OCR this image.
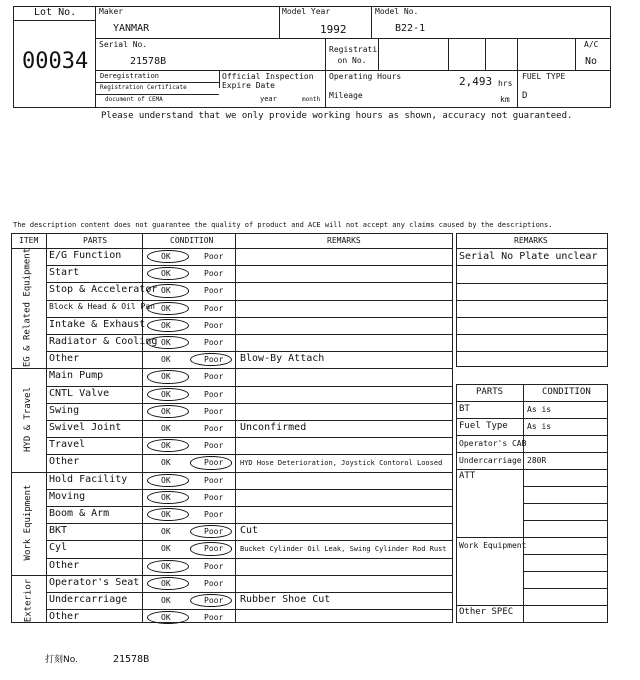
Lot No.
00034
Maker
YANMAR
Model Year
1992
Model No.
B22-1
Serial No.
21578B
Registrati on No.
A/C
No
Deregistration
Registration Certificate
document of CEMA
Official Inspection Expire Date
year	month
Operating Hours	2,493 hrs
Mileage	km
FUEL TYPE
D
Please understand that we only provide working hours as shown, accuracy not guaranteed.
The description content does not guarantee the quality of product and ACE will not accept any claims caused by the descriptions.
ITEM	PARTS	CONDITION	REMARKS
E/G Function	OK	Poor
Start	OK	Poor
Stop & Accelerator OK	Poor
Block & Head & Oil Pan OK	Poor
Intake & Exhaust OK	Poor
Radiator & Cooling OK	Poor
Other	OK	Poor Blow-By Attach
EG & Related Equipment
Main Pump	OK	Poor
CNTL Valve	OK	Poor
Swing	OK	Poor
Swivel Joint	OK	Poor Unconfirmed
Travel	OK	Poor
Other	OK	Poor HYD Hose Deterioration, Joystick Contorol Loosed
HYD & Travel
Hold Facility	OK	Poor
Moving	OK	Poor
Boom & Arm	OK	Poor
BKT	OK	Poor Cut
Cyl	OK	Poor Bucket Cylinder Oil Leak, Swing Cylinder Rod Rust
Other	OK	Poor
Work Equipment
Operator's Seat	OK	Poor
Undercarriage	OK	Poor Rubber Shoe Cut
Other	OK	Poor
Exterior
REMARKS
Serial No Plate unclear
PARTS	CONDITION
BT	As is
Fuel Type As is
Operator's CAB
Undercarriage 280R
ATT
Work Equipment
Other SPEC
打刻No.	21578B
